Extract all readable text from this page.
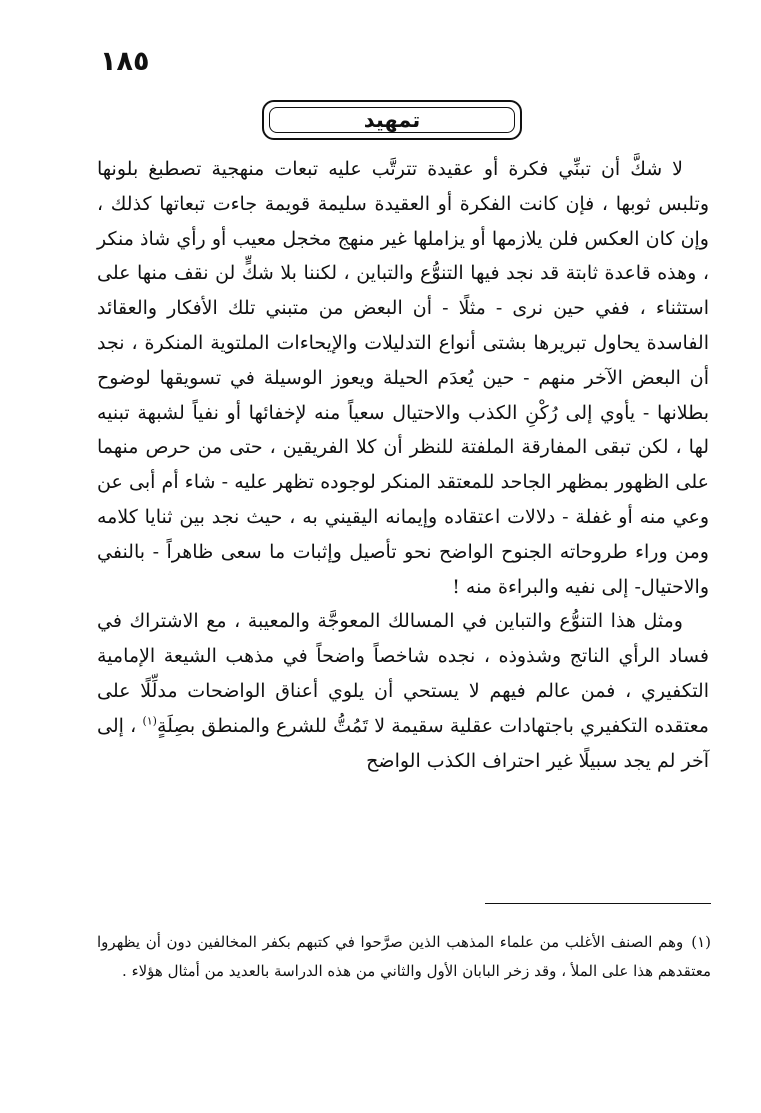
١٨٥
تمهيد

لا شكَّ أن تبنِّي فكرة أو عقيدة تترتَّب عليه تبعات منهجية تصطبغ بلونها وتلبس ثوبها ، فإن كانت الفكرة أو العقيدة سليمة قويمة جاءت تبعاتها كذلك ، وإن كان العكس فلن يلازمها أو يزاملها غير منهج مخجل معيب أو رأي شاذ منكر ، وهذه قاعدة ثابتة قد نجد فيها التنوُّع والتباين ، لكننا بلا شكٍّ لن نقف منها على استثناء ، ففي حين نرى - مثلًا - أن البعض من متبني تلك الأفكار والعقائد الفاسدة يحاول تبريرها بشتى أنواع التدليلات والإيحاءات الملتوية المنكرة ، نجد أن البعض الآخر منهم - حين يُعدَم الحيلة ويعوز الوسيلة في تسويقها لوضوح بطلانها - يأوي إلى رُكْنِ الكذب والاحتيال سعياً منه لإخفائها أو نفياً لشبهة تبنيه لها ، لكن تبقى المفارقة الملفتة للنظر أن كلا الفريقين ، حتى من حرص منهما على الظهور بمظهر الجاحد للمعتقد المنكر لوجوده تظهر عليه - شاء أم أبى عن وعي منه أو غفلة - دلالات اعتقاده وإيمانه اليقيني به ، حيث نجد بين ثنايا كلامه ومن وراء طروحاته الجنوح الواضح نحو تأصيل وإثبات ما سعى ظاهراً - بالنفي والاحتيال- إلى نفيه والبراءة منه !

ومثل هذا التنوُّع والتباين في المسالك المعوجَّة والمعيبة ، مع الاشتراك في فساد الرأي الناتج وشذوذه ، نجده شاخصاً واضحاً في مذهب الشيعة الإمامية التكفيري ، فمن عالم فيهم لا يستحي أن يلوي أعناق الواضحات مدلِّلًا على معتقده التكفيري باجتهادات عقلية سقيمة لا تَمُتُّ للشرع والمنطق بصِلَةٍ$^{(١)}$ ، إلى آخر لم يجد سبيلًا غير احتراف الكذب الواضح

(١)وهم الصنف الأغلب من علماء المذهب الذين صرَّحوا في كتبهم بكفر المخالفين دون أن يظهروا معتقدهم هذا على الملأ ، وقد زخر البابان الأول والثاني من هذه الدراسة بالعديد من أمثال هؤلاء .
